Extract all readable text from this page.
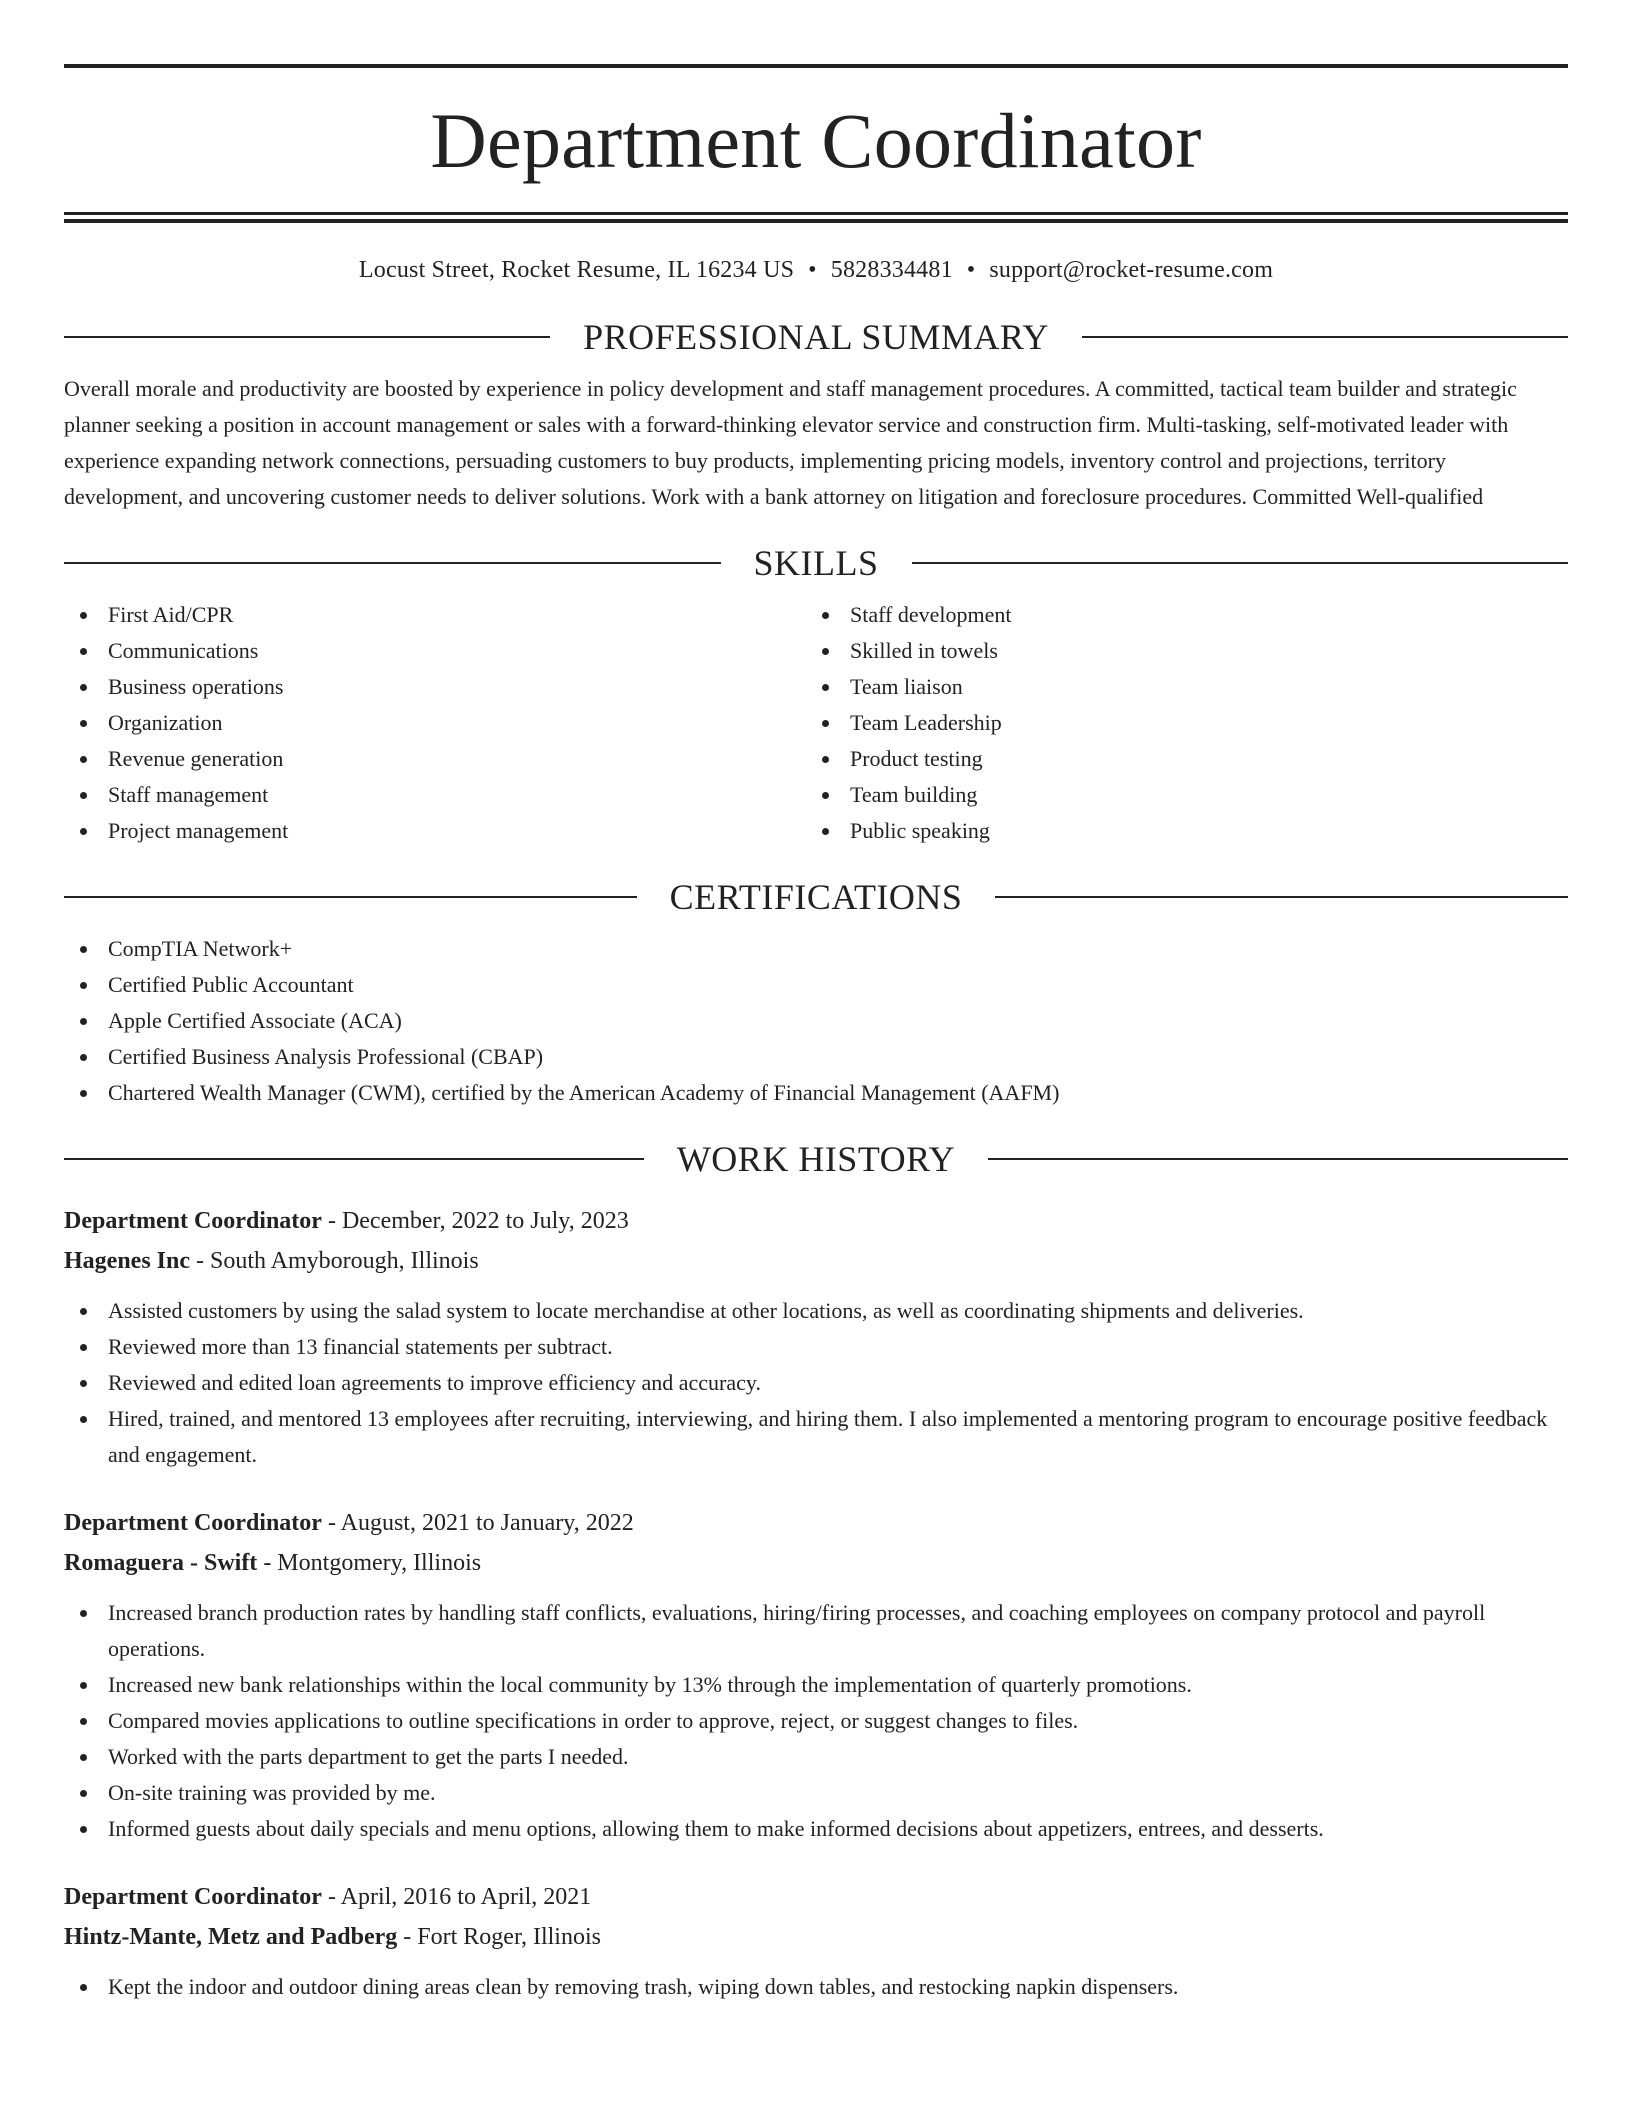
Department Coordinator
Locust Street, Rocket Resume, IL 16234 US • 5828334481 • support@rocket-resume.com
PROFESSIONAL SUMMARY
Overall morale and productivity are boosted by experience in policy development and staff management procedures. A committed, tactical team builder and strategic planner seeking a position in account management or sales with a forward-thinking elevator service and construction firm. Multi-tasking, self-motivated leader with experience expanding network connections, persuading customers to buy products, implementing pricing models, inventory control and projections, territory development, and uncovering customer needs to deliver solutions. Work with a bank attorney on litigation and foreclosure procedures. Committed Well-qualified
SKILLS
First Aid/CPR
Communications
Business operations
Organization
Revenue generation
Staff management
Project management
Staff development
Skilled in towels
Team liaison
Team Leadership
Product testing
Team building
Public speaking
CERTIFICATIONS
CompTIA Network+
Certified Public Accountant
Apple Certified Associate (ACA)
Certified Business Analysis Professional (CBAP)
Chartered Wealth Manager (CWM), certified by the American Academy of Financial Management (AAFM)
WORK HISTORY
Department Coordinator - December, 2022 to July, 2023
Hagenes Inc - South Amyborough, Illinois
Assisted customers by using the salad system to locate merchandise at other locations, as well as coordinating shipments and deliveries.
Reviewed more than 13 financial statements per subtract.
Reviewed and edited loan agreements to improve efficiency and accuracy.
Hired, trained, and mentored 13 employees after recruiting, interviewing, and hiring them. I also implemented a mentoring program to encourage positive feedback and engagement.
Department Coordinator - August, 2021 to January, 2022
Romaguera - Swift - Montgomery, Illinois
Increased branch production rates by handling staff conflicts, evaluations, hiring/firing processes, and coaching employees on company protocol and payroll operations.
Increased new bank relationships within the local community by 13% through the implementation of quarterly promotions.
Compared movies applications to outline specifications in order to approve, reject, or suggest changes to files.
Worked with the parts department to get the parts I needed.
On-site training was provided by me.
Informed guests about daily specials and menu options, allowing them to make informed decisions about appetizers, entrees, and desserts.
Department Coordinator - April, 2016 to April, 2021
Hintz-Mante, Metz and Padberg - Fort Roger, Illinois
Kept the indoor and outdoor dining areas clean by removing trash, wiping down tables, and restocking napkin dispensers.
